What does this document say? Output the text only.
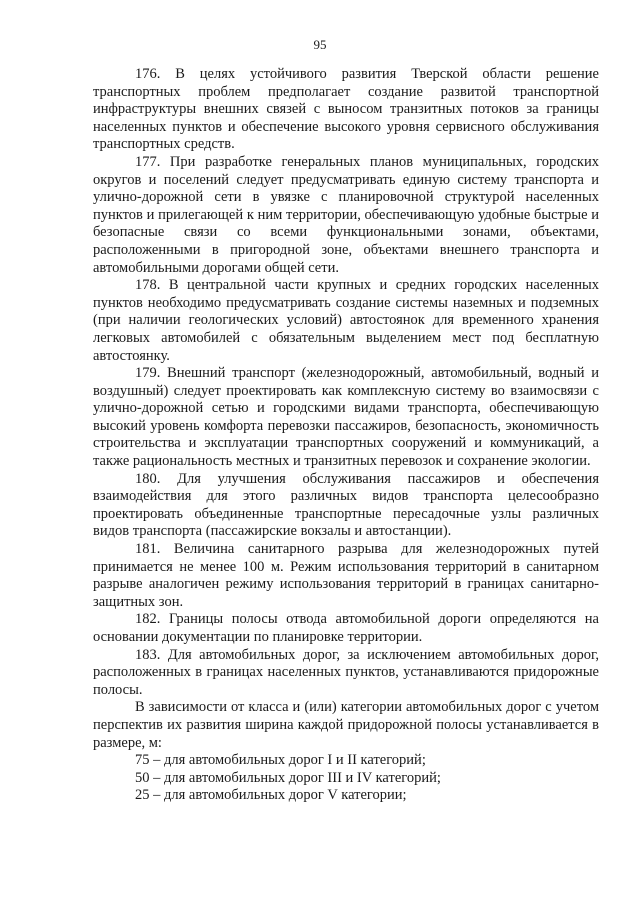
95

176. В целях устойчивого развития Тверской области решение транспортных проблем предполагает создание развитой транспортной инфраструктуры внешних связей с выносом транзитных потоков за границы населенных пунктов и обеспечение высокого уровня сервисного обслуживания транспортных средств.

177. При разработке генеральных планов муниципальных, городских округов и поселений следует предусматривать единую систему транспорта и улично-дорожной сети в увязке с планировочной структурой населенных пунктов и прилегающей к ним территории, обеспечивающую удобные быстрые и безопасные связи со всеми функциональными зонами, объектами, расположенными в пригородной зоне, объектами внешнего транспорта и автомобильными дорогами общей сети.

178. В центральной части крупных и средних городских населенных пунктов необходимо предусматривать создание системы наземных и подземных (при наличии геологических условий) автостоянок для временного хранения легковых автомобилей с обязательным выделением мест под бесплатную автостоянку.

179. Внешний транспорт (железнодорожный, автомобильный, водный и воздушный) следует проектировать как комплексную систему во взаимосвязи с улично-дорожной сетью и городскими видами транспорта, обеспечивающую высокий уровень комфорта перевозки пассажиров, безопасность, экономичность строительства и эксплуатации транспортных сооружений и коммуникаций, а также рациональность местных и транзитных перевозок и сохранение экологии.

180. Для улучшения обслуживания пассажиров и обеспечения взаимодействия для этого различных видов транспорта целесообразно проектировать объединенные транспортные пересадочные узлы различных видов транспорта (пассажирские вокзалы и автостанции).

181. Величина санитарного разрыва для железнодорожных путей принимается не менее 100 м. Режим использования территорий в санитарном разрыве аналогичен режиму использования территорий в границах санитарно-защитных зон.

182. Границы полосы отвода автомобильной дороги определяются на основании документации по планировке территории.

183. Для автомобильных дорог, за исключением автомобильных дорог, расположенных в границах населенных пунктов, устанавливаются придорожные полосы.

В зависимости от класса и (или) категории автомобильных дорог с учетом перспектив их развития ширина каждой придорожной полосы устанавливается в размере, м:

75 – для автомобильных дорог I и II категорий;

50 – для автомобильных дорог III и IV категорий;

25 – для автомобильных дорог V категории;
